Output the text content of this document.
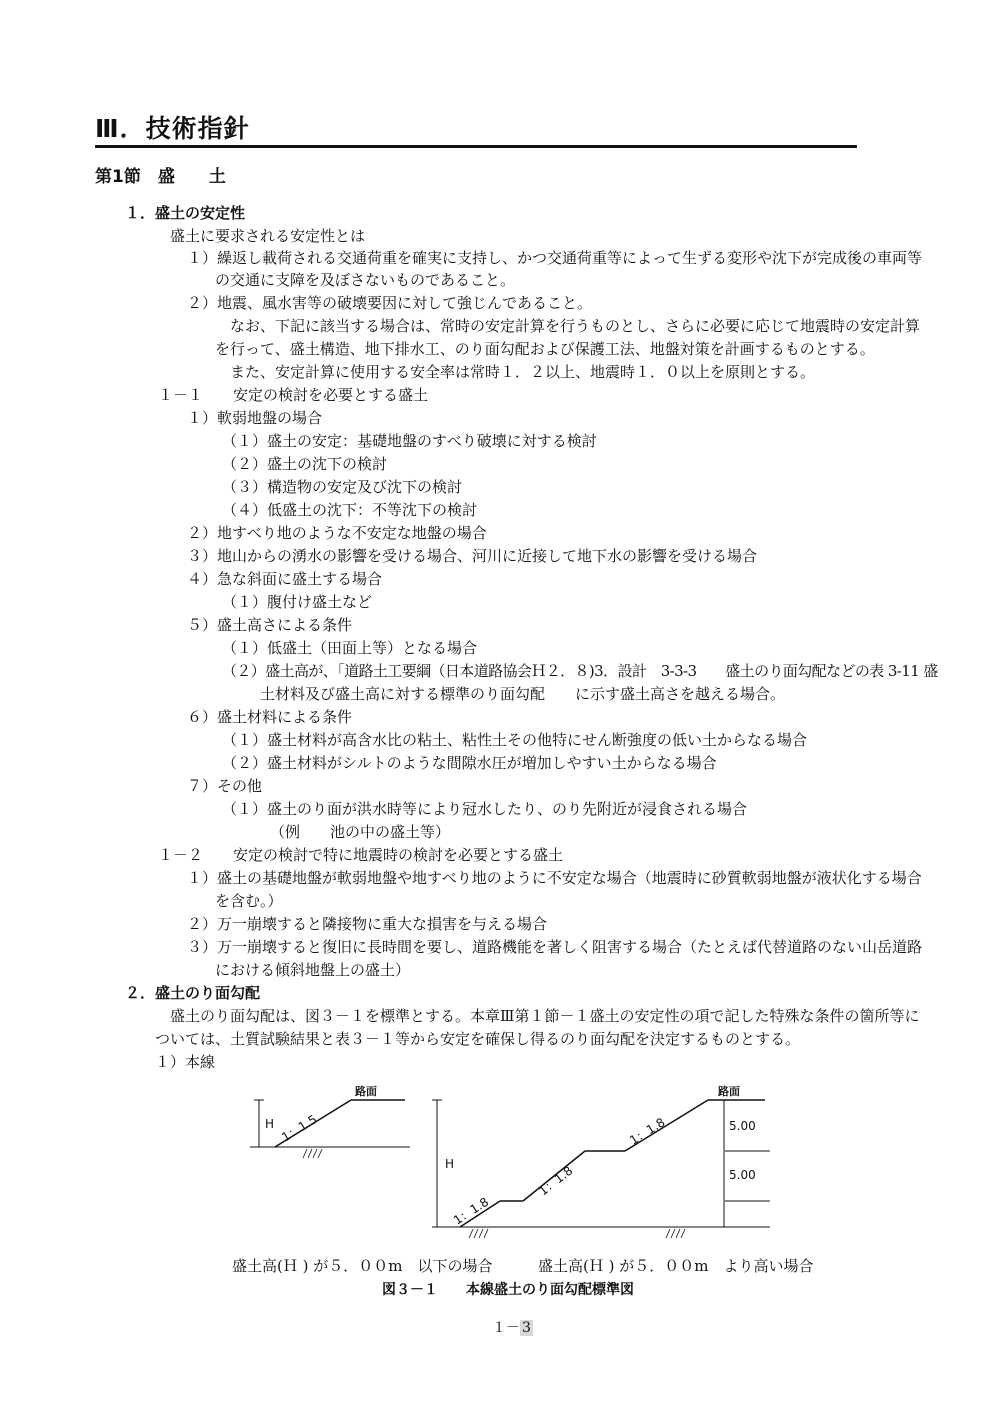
Ⅲ．技術指針
第1節　盛　　土
１．盛土の安定性
盛土に要求される安定性とは
１）繰返し載荷される交通荷重を確実に支持し、かつ交通荷重等によって生ずる変形や沈下が完成後の車両等
の交通に支障を及ぼさないものであること。
２）地震、風水害等の破壊要因に対して強じんであること。
なお、下記に該当する場合は、常時の安定計算を行うものとし、さらに必要に応じて地震時の安定計算
を行って、盛土構造、地下排水工、のり面勾配および保護工法、地盤対策を計画するものとする。
また、安定計算に使用する安全率は常時１．２以上、地震時１．０以上を原則とする。
１－１　　安定の検討を必要とする盛土
１）軟弱地盤の場合
（１）盛土の安定：基礎地盤のすべり破壊に対する検討
（２）盛土の沈下の検討
（３）構造物の安定及び沈下の検討
（４）低盛土の沈下：不等沈下の検討
２）地すべり地のような不安定な地盤の場合
３）地山からの湧水の影響を受ける場合、河川に近接して地下水の影響を受ける場合
４）急な斜面に盛土する場合
（１）腹付け盛土など
５）盛土高さによる条件
（１）低盛土（田面上等）となる場合
（２）盛土高が、「道路土工要綱（日本道路協会Ｈ２．８)3．設計　3-3-3　　盛土のり面勾配などの表 3-11 盛
土材料及び盛土高に対する標準のり面勾配　　に示す盛土高さを越える場合。
６）盛土材料による条件
（１）盛土材料が高含水比の粘土、粘性土その他特にせん断強度の低い土からなる場合
（２）盛土材料がシルトのような間隙水圧が増加しやすい土からなる場合
７）その他
（１）盛土のり面が洪水時等により冠水したり、のり先附近が浸食される場合
（例　　池の中の盛土等）
１－２　　安定の検討で特に地震時の検討を必要とする盛土
１）盛土の基礎地盤が軟弱地盤や地すべり地のように不安定な場合（地震時に砂質軟弱地盤が液状化する場合
を含む。）
２）万一崩壊すると隣接物に重大な損害を与える場合
３）万一崩壊すると復旧に長時間を要し、道路機能を著しく阻害する場合（たとえば代替道路のない山岳道路
における傾斜地盤上の盛土）
２．盛土のり面勾配
盛土のり面勾配は、図３－１を標準とする。本章Ⅲ第１節－１盛土の安定性の項で記した特殊な条件の箇所等に
ついては、土質試験結果と表３－１等から安定を確保し得るのり面勾配を決定するものとする。
１）本線
路面
H 1：1.5
路面
H
5.00
5.00
1：1.8
1：1.8
1：1.8
盛土高(Ｈ ) が５．００m　以下の場合	盛土高(Ｈ ) が５．００m　より高い場合
図３－１　　本線盛土のり面勾配標準図
１－ 3
